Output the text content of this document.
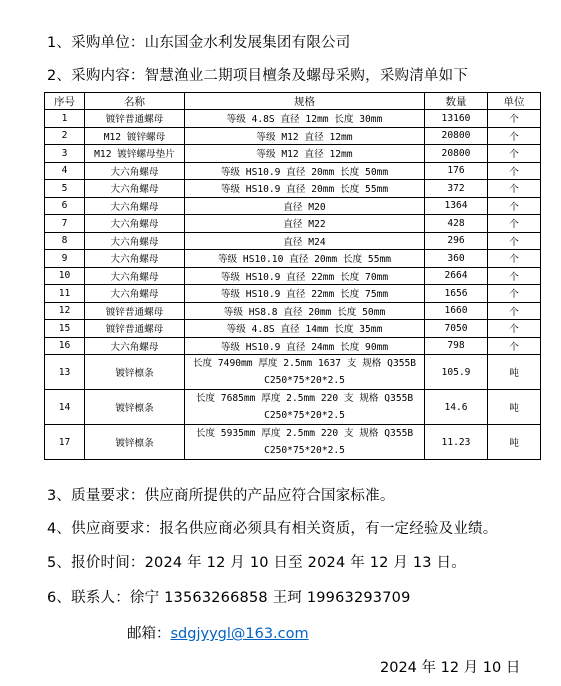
1、采购单位：山东国金水利发展集团有限公司
2、采购内容：智慧渔业二期项目檀条及螺母采购，采购清单如下
序号	名称	规格	数量	单位
1	镀锌普通螺母	等级 4.8S 直径 12mm 长度 30mm	13160	个
2	M12 镀锌螺母	等级 M12 直径 12mm	20800	个
3	M12 镀锌螺母垫片	等级 M12 直径 12mm	20800	个
4	大六角螺母	等级 HS10.9 直径 20mm 长度 50mm	176	个
5	大六角螺母	等级 HS10.9 直径 20mm 长度 55mm	372	个
6	大六角螺母	直径 M20	1364	个
7	大六角螺母	直径 M22	428	个
8	大六角螺母	直径 M24	296	个
9	大六角螺母	等级 HS10.10 直径 20mm 长度 55mm	360	个
10	大六角螺母	等级 HS10.9 直径 22mm 长度 70mm	2664	个
11	大六角螺母	等级 HS10.9 直径 22mm 长度 75mm	1656	个
12	镀锌普通螺母	等级 HS8.8 直径 20mm 长度 50mm	1660	个
15	镀锌普通螺母	等级 4.8S 直径 14mm 长度 35mm	7050	个
16	大六角螺母	等级 HS10.9 直径 24mm 长度 90mm	798	个
13	镀锌檩条	长度 7490mm 厚度 2.5mm 1637 支 规格 Q355B
C250*75*20*2.5	105.9	吨
14	镀锌檩条	长度 7685mm 厚度 2.5mm 220 支 规格 Q355B
C250*75*20*2.5	14.6	吨
17	镀锌檩条	长度 5935mm 厚度 2.5mm 220 支 规格 Q355B
C250*75*20*2.5	11.23	吨
3、质量要求：供应商所提供的产品应符合国家标准。
4、供应商要求：报名供应商必须具有相关资质，有一定经验及业绩。
5、报价时间：2024 年 12 月 10 日至 2024 年 12 月 13 日。
6、联系人：徐宁 13563266858 王珂 19963293709
邮箱：sdgjyygl@163.com
2024 年 12 月 10 日
